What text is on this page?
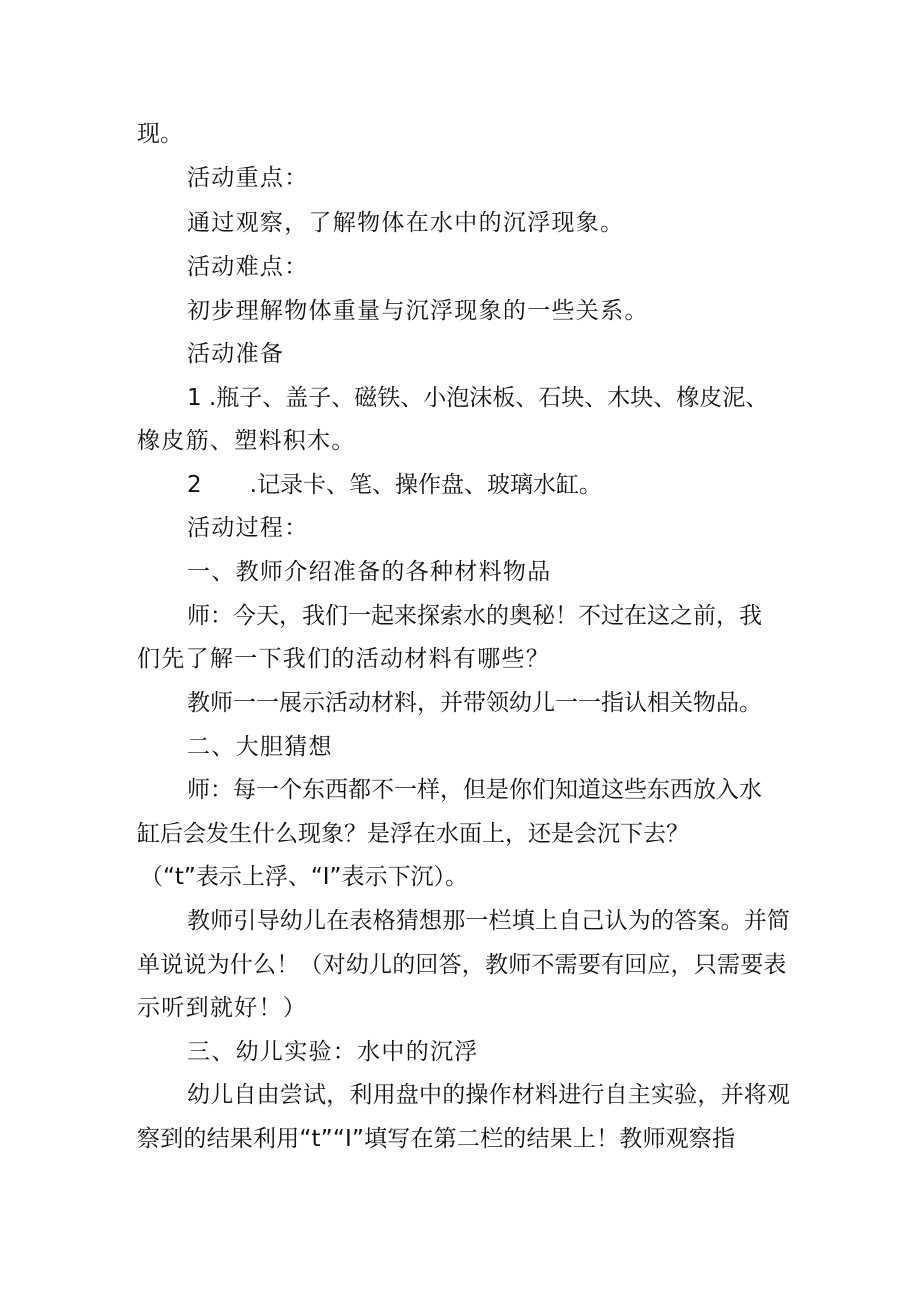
现。
活动重点：
通过观察，了解物体在水中的沉浮现象。
活动难点：
初步理解物体重量与沉浮现象的一些关系。
活动准备
1 .瓶子、盖子、磁铁、小泡沫板、石块、木块、橡皮泥、
橡皮筋、塑料积木。
2 .记录卡、笔、操作盘、玻璃水缸。
活动过程：
一、教师介绍准备的各种材料物品
师：今天，我们一起来探索水的奥秘！不过在这之前，我
们先了解一下我们的活动材料有哪些？
教师一一展示活动材料，并带领幼儿一一指认相关物品。
二、大胆猜想
师：每一个东西都不一样，但是你们知道这些东西放入水
缸后会发生什么现象？是浮在水面上，还是会沉下去？
（“t”表示上浮、“I”表示下沉）。
教师引导幼儿在表格猜想那一栏填上自己认为的答案。并简
单说说为什么！（对幼儿的回答，教师不需要有回应，只需要表
示听到就好！）
三、幼儿实验：水中的沉浮
幼儿自由尝试，利用盘中的操作材料进行自主实验，并将观
察到的结果利用“t”“I”填写在第二栏的结果上！教师观察指
